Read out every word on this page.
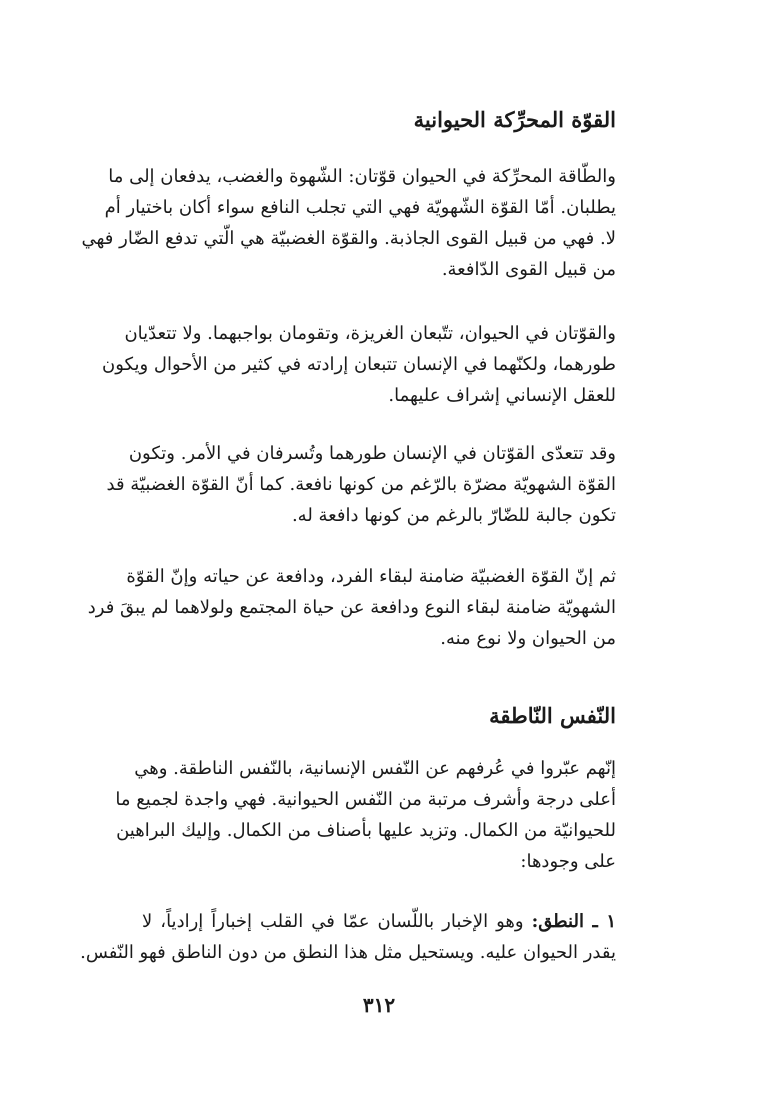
القوّة المحرِّكة الحيوانية
والطّاقة المحرِّكة في الحيوان قوّتان: الشّهوة والغضب، يدفعان إلى ما
يطلبان. أمّا القوّة الشّهويّة فهي التي تجلب النافع سواء أكان باختيار أم
لا. فهي من قبيل القوى الجاذبة. والقوّة الغضبيّة هي الّتي تدفع الضّار فهي
من قبيل القوى الدّافعة.
والقوّتان في الحيوان، تتّبعان الغريزة، وتقومان بواجبهما. ولا تتعدّيان
طورهما، ولكنّهما في الإنسان تتبعان إرادته في كثير من الأحوال ويكون
للعقل الإنساني إشراف عليهما.
وقد تتعدّى القوّتان في الإنسان طورهما وتُسرفان في الأمر. وتكون
القوّة الشهويّة مضرّة بالرّغم من كونها نافعة. كما أنّ القوّة الغضبيّة قد
تكون جالبة للضّارّ بالرغم من كونها دافعة له.
ثم إنّ القوّة الغضبيّة ضامنة لبقاء الفرد، ودافعة عن حياته وإنّ القوّة
الشهويّة ضامنة لبقاء النوع ودافعة عن حياة المجتمع ولولاهما لم يبقَ فرد
من الحيوان ولا نوع منه.
النّفس النّاطقة
إنّهم عبّروا في عُرفهم عن النّفس الإنسانية، بالنّفس الناطقة. وهي
أعلى درجة وأشرف مرتبة من النّفس الحيوانية. فهي واجدة لجميع ما
للحيوانيّة من الكمال. وتزيد عليها بأصناف من الكمال. وإليك البراهين
على وجودها:
١ ـ النطق: وهو الإخبار باللّسان عمّا في القلب إخباراً إرادياً، لا
يقدر الحيوان عليه. ويستحيل مثل هذا النطق من دون الناطق فهو النّفس.
٣١٢
